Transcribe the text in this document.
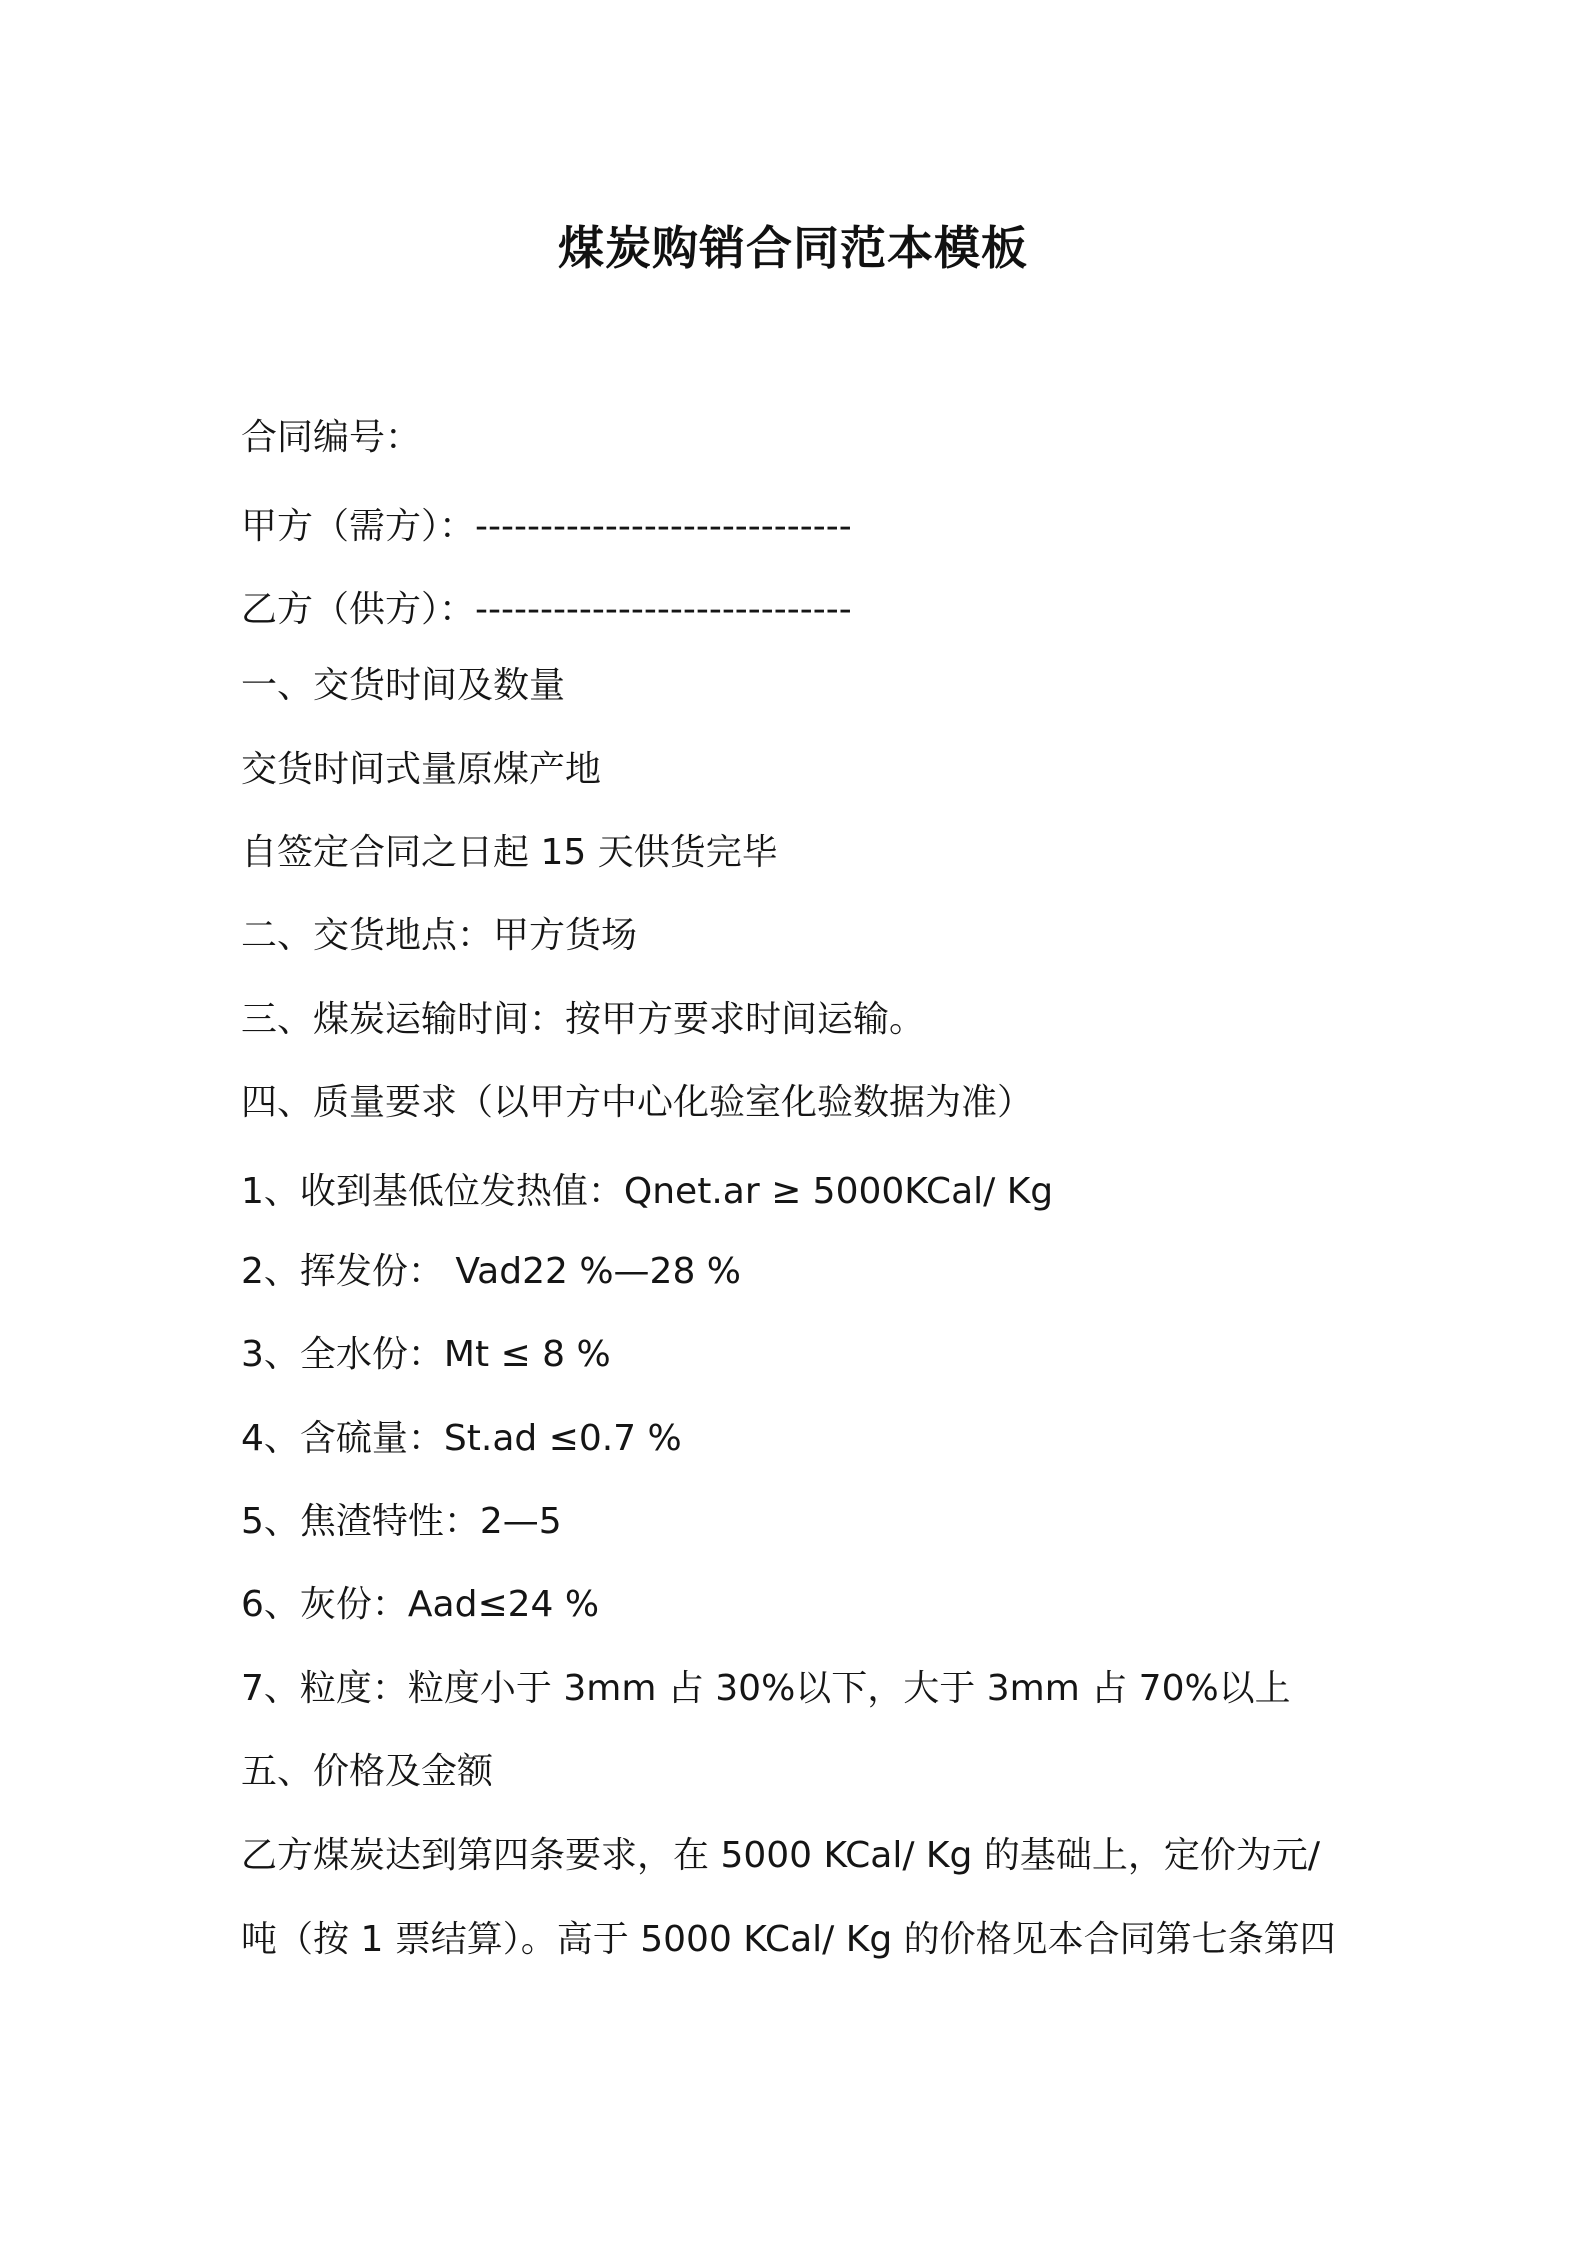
煤炭购销合同范本模板
合同编号：
甲方（需方）：-----------------------------
乙方（供方）：-----------------------------
一、交货时间及数量
交货时间式量原煤产地
自签定合同之日起 15 天供货完毕
二、交货地点：甲方货场
三、煤炭运输时间：按甲方要求时间运输。
四、质量要求（以甲方中心化验室化验数据为准）
1、收到基低位发热值：Qnet.ar ≥ 5000KCal/ Kg
2、挥发份： Vad22 %—28 %
3、全水份：Mt ≤ 8 %
4、含硫量：St.ad ≤0.7 %
5、焦渣特性：2—5
6、灰份：Aad≤24 %
7、粒度：粒度小于 3mm 占 30%以下，大于 3mm 占 70%以上
五、价格及金额
乙方煤炭达到第四条要求，在 5000 KCal/ Kg 的基础上，定价为元/
吨（按 1 票结算）。高于 5000 KCal/ Kg 的价格见本合同第七条第四
